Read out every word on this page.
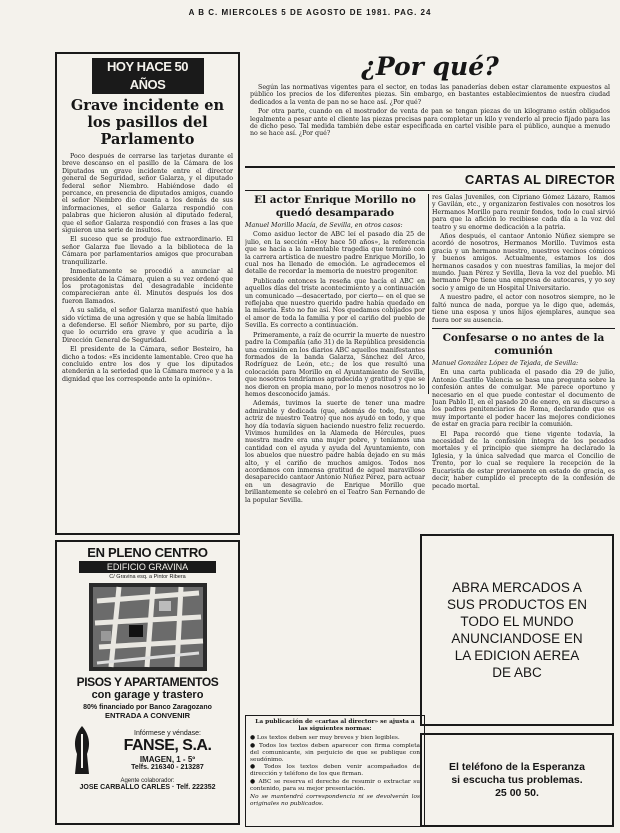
A B C. MIERCOLES 5 DE AGOSTO DE 1981. PAG. 24
HOY HACE 50 AÑOS
Grave incidente en los pasillos del Parlamento

Poco después de cerrarse las tarjetas durante el breve descanso en el pasillo de la Cámara de los Diputados un grave incidente entre el director general de Seguridad, señor Galarza, y el diputado federal señor Niembro. Habiéndose dado el percance, en presencia de diputados amigos, cuando el señor Niembro dio cuenta a los demás de sus informaciones, el señor Galarza respondió con palabras que hicieron alusión al diputado federal, que el señor Galarza respondió con frases a las que siguieron una serie de insultos.

El suceso que se produjo fue extraordinario. El señor Galarza fue llevado a la biblioteca de la Cámara por parlamentarios amigos que procuraban tranquilizarle.

Inmediatamente se procedió a anunciar al presidente de la Cámara, quien a su vez ordenó que los protagonistas del desagradable incidente comparecieran ante él. Minutos después los dos fueron llamados.

A su salida, el señor Galarza manifestó que había sido víctima de una agresión y que se había limitado a defenderse. El señor Niembro, por su parte, dijo que lo ocurrido era grave y que acudiría a la Dirección General de Seguridad.

El presidente de la Cámara, señor Besteiro, ha dicho a todos: «Es incidente lamentable. Creo que ha concluido entre los dos y que los diputados atenderán a la seriedad que la Cámara merece y a la dignidad que les corresponde ante la opinión».

EN PLENO CENTRO
EDIFICIO GRAVINA
C/ Gravina esq. a Pintor Ribera
PISOS Y APARTAMENTOS
con garage y trastero
80% financiado por Banco Zaragozano
ENTRADA A CONVENIR
Infórmese y véndase:
FANSE, S.A.
IMAGEN, 1 - 5º
Telfs. 216340 - 213287
Agente colaborador:
JOSE CARBALLO CARLES · Telf. 222352
¿Por qué?

Según las normativas vigentes para el sector, en todas las panaderías deben estar claramente expuestos al público los precios de los diferentes piezas. Sin embargo, en bastantes establecimientos de nuestra ciudad dedicados a la venta de pan no se hace así. ¿Por qué?

Por otra parte, cuando en el mostrador de venta de pan se tengan piezas de un kilogramo están obligados legalmente a pesar ante el cliente las piezas precisas para completar un kilo y venderlo al precio fijado para las de dicho peso. Tal medida también debe estar especificada en cartel visible para el público, aunque a menudo no se hace así. ¿Por qué?

CARTAS AL DIRECTOR
El actor Enrique Morillo no quedó desamparado
Manuel Morillo Macía, de Sevilla, en otros casos:

Como asiduo lector de ABC leí el pasado día 25 de julio, en la sección «Hoy hace 50 años», la referencia que se hacía a la lamentable tragedia que terminó con la carrera artística de nuestro padre Enrique Morillo, lo cual nos ha llenado de emoción. Le agradecemos el detalle de recordar la memoria de nuestro progenitor.

Publicado entonces la reseña que hacía el ABC en aquellos días del triste acontecimiento y a continuación un comunicado —desacertado, por cierto— en el que se reflejaba que nuestro querido padre había quedado en la miseria. Ésto no fue así. Nos quedamos cobijados por el amor de toda la familia y por el cariño del pueblo de Sevilla. Es correcto a continuación.

Primeramente, a raíz de ocurrir la muerte de nuestro padre la Compañía (año 31) de la República presidencia una comisión en los diarios ABC aquellos manifestantes formados de la banda Galarza, Sánchez del Arco, Rodríguez de León, etc.; de los que resultó una colocación para Morillo en el Ayuntamiento de Sevilla, que nosotros tendríamos agradecida y gratitud y que se nos dieron en propia mano, por lo menos nosotros no lo hemos desconocido jamás.

Además, tuvimos la suerte de tener una madre admirable y dedicada (que, además de todo, fue una actriz de nuestro Teatro) que nos ayudó en todo, y que hoy día todavía siguen haciendo nuestro feliz recuerdo. Vivimos humildes en la Alameda de Hércules, pues nuestra madre era una mujer pobre, y teníamos una cantidad con el ayuda y ayuda del Ayuntamiento, con los abuelos que nuestro padre había dejado en su más alto, y el cariño de muchos amigos. Todos nos acordamos con inmensa gratitud de aquel maravilloso desaparecido cantaor Antonio Núñez Pérez, para actuar en un desagravio de Enrique Morillo que brillantemente se celebró en el Teatro San Fernando de la popular Sevilla.

res Galas Juveniles, con Cipriano Gómez Lázaro, Ramos y Gavilán, etc., y organizaron festivales con nosotros los Hermanos Morillo para reunir fondos, todo lo cual sirvió para que la afición lo recibiese cada día a la voz del teatro y su enorme dedicación a la patria.

Años después, el cantaor Antonio Núñez siempre se acordó de nosotros, Hermanos Morillo. Tuvimos esta gracia y un hermano nuestro, nuestros vecinos cómicos y buenos amigos. Actualmente, estamos los dos hermanos casados y con nuestras familias, la mejor del mundo. Juan Pérez y Sevilla, lleva la voz del pueblo. Mi hermano Pepe tiene una empresa de autocares, y yo soy socio y amigo de un Hospital Universitario.

A nuestro padre, el actor con nosotros siempre, no le faltó nunca de nada, porque ya le digo que, además, tiene una esposa y unos hijos ejemplares, aunque sea fuera por su ausencia.

Confesarse o no antes de la comunión
Manuel González López de Tejada, de Sevilla:

En una carta publicada el pasado día 29 de julio, Antonio Castillo Valencia se basa una pregunta sobre la confesión antes de comulgar. Me parece oportuno y necesario en el que puede contestar el documento de Juan Pablo II, en el pasado 20 de enero, en su discurso a los padres penitenciarios de Roma, declarando que es muy importante el poder hacer las mejores condiciones de estar en gracia para recibir la comunión.

El Papa recordó que tiene vigente todavía, la necesidad de la confesión íntegra de los pecados mortales y el principio que siempre ha declarado la Iglesia, y la única salvedad que marca el Concilio de Trento, por lo cual se requiere la recepción de la Eucaristía de estar previamente en estado de gracia, es decir, haber cumplido el precepto de la confesión de pecado mortal.

La publicación de «cartas al director» se ajusta a las siguientes normas:
● Los textos deben ser muy breves y bien legibles.
● Todos los textos deben aparecer con firma completa del comunicante, sin perjuicio de que se publique con seudónimo.
● Todos los textos deben venir acompañados de dirección y teléfono de los que firman.
● ABC se reserva el derecho de resumir o extractar su contenido, para su mejor presentación.
No se mantendrá correspondencia ni se devolverán los originales no publicados.
ABRA MERCADOS A
SUS PRODUCTOS EN
TODO EL MUNDO
ANUNCIANDOSE EN
LA EDICION AEREA
DE ABC
El teléfono de la Esperanza
si escucha tus problemas.
25 00 50.
